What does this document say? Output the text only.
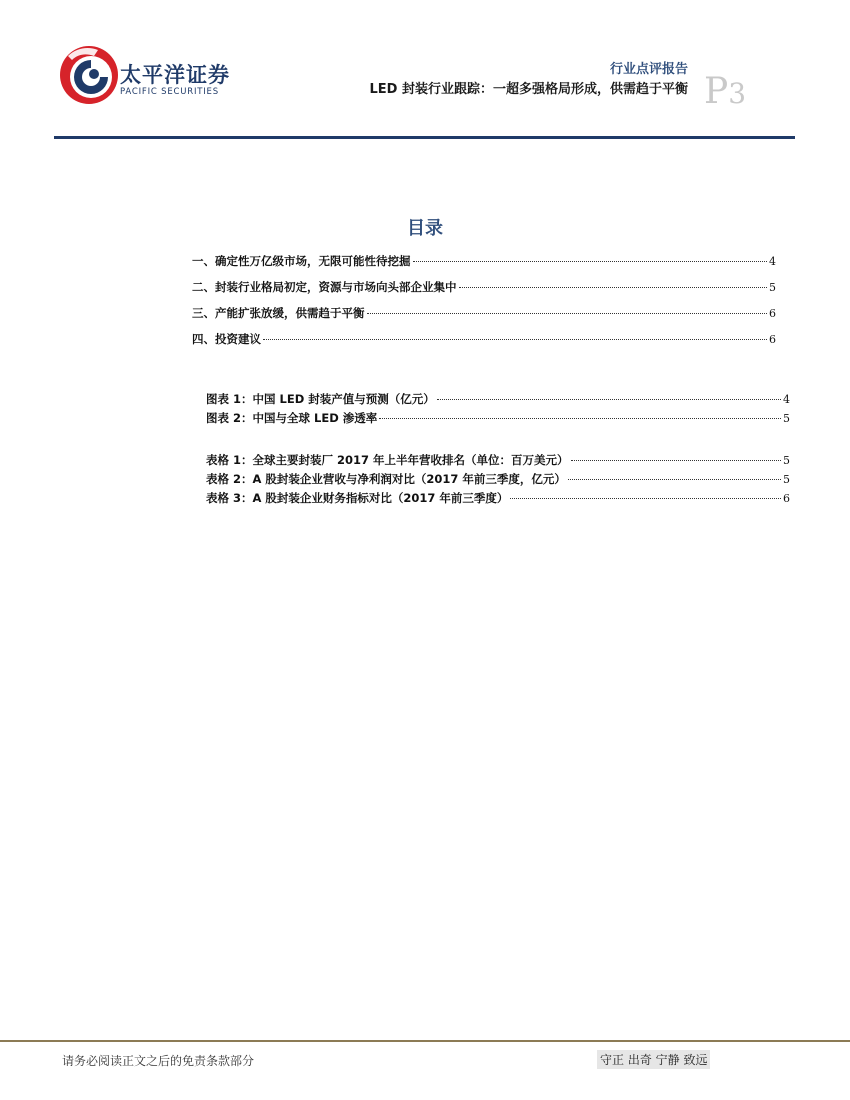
太平洋证券
PACIFIC SECURITIES
行业点评报告
LED 封装行业跟踪：一超多强格局形成，供需趋于平衡 P3
目录
一、确定性万亿级市场，无限可能性待挖掘	4
二、封装行业格局初定，资源与市场向头部企业集中	5
三、产能扩张放缓，供需趋于平衡	6
四、投资建议	6
图表 1：中国 LED 封装产值与预测（亿元）	4
图表 2：中国与全球 LED 渗透率	5
表格 1：全球主要封装厂 2017 年上半年营收排名（单位：百万美元）	5
表格 2：A 股封装企业营收与净利润对比（2017 年前三季度，亿元）	5
表格 3：A 股封装企业财务指标对比（2017 年前三季度）	6
请务必阅读正文之后的免责条款部分	守正 出奇 宁静 致远
